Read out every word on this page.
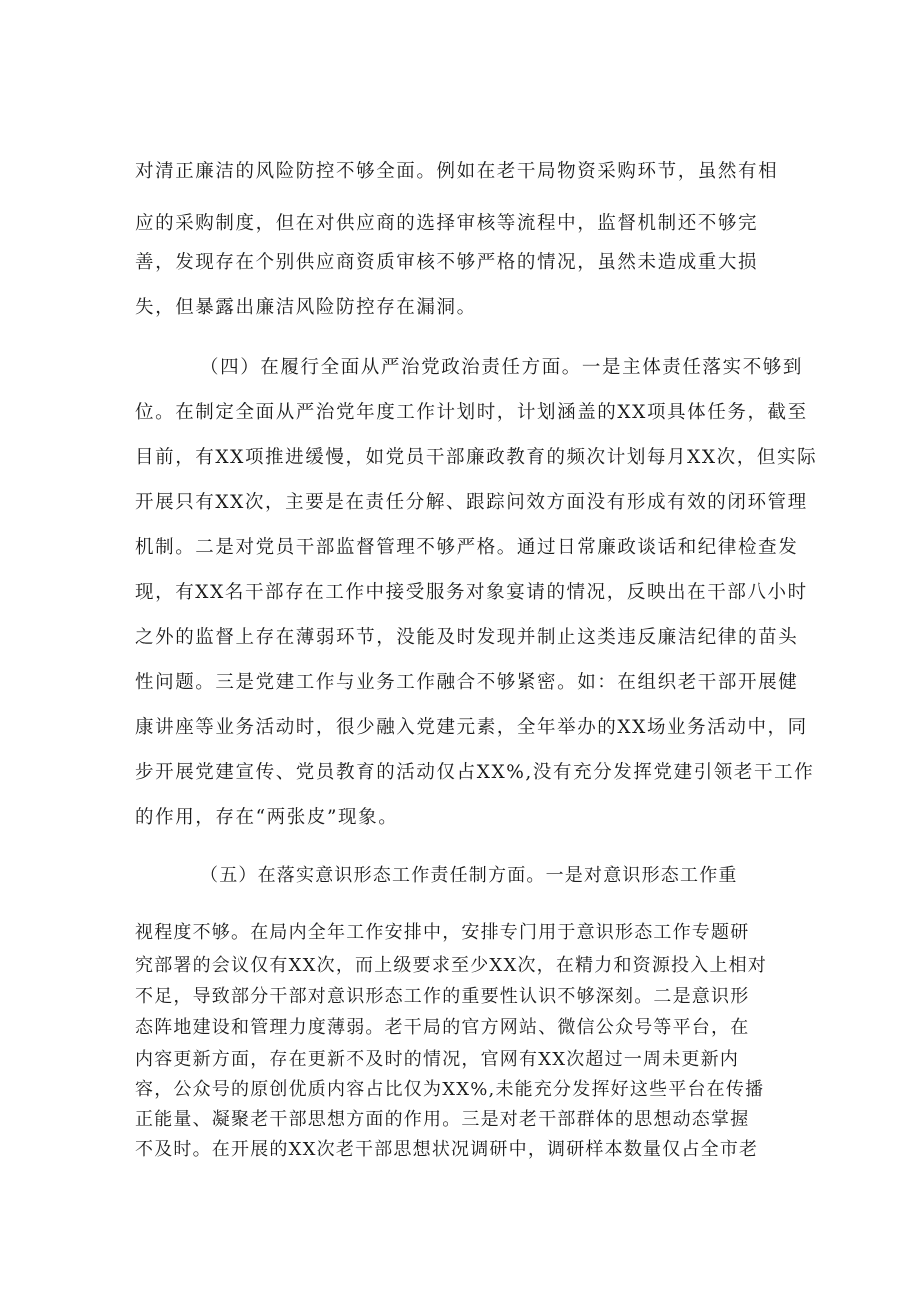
对清正廉洁的风险防控不够全面。例如在老干局物资采购环节，虽然有相
应的采购制度，但在对供应商的选择审核等流程中，监督机制还不够完
善，发现存在个别供应商资质审核不够严格的情况，虽然未造成重大损
失，但暴露出廉洁风险防控存在漏洞。
（四）在履行全面从严治党政治责任方面。一是主体责任落实不够到
位。在制定全面从严治党年度工作计划时，计划涵盖的XX项具体任务，截至
目前，有XX项推进缓慢，如党员干部廉政教育的频次计划每月XX次，但实际
开展只有XX次，主要是在责任分解、跟踪问效方面没有形成有效的闭环管理
机制。二是对党员干部监督管理不够严格。通过日常廉政谈话和纪律检查发
现，有XX名干部存在工作中接受服务对象宴请的情况，反映出在干部八小时
之外的监督上存在薄弱环节，没能及时发现并制止这类违反廉洁纪律的苗头
性问题。三是党建工作与业务工作融合不够紧密。如：在组织老干部开展健
康讲座等业务活动时，很少融入党建元素，全年举办的XX场业务活动中，同
步开展党建宣传、党员教育的活动仅占XX%,没有充分发挥党建引领老干工作
的作用，存在“两张皮”现象。
（五）在落实意识形态工作责任制方面。一是对意识形态工作重
视程度不够。在局内全年工作安排中，安排专门用于意识形态工作专题研
究部署的会议仅有XX次，而上级要求至少XX次，在精力和资源投入上相对
不足，导致部分干部对意识形态工作的重要性认识不够深刻。二是意识形
态阵地建设和管理力度薄弱。老干局的官方网站、微信公众号等平台，在
内容更新方面，存在更新不及时的情况，官网有XX次超过一周未更新内
容，公众号的原创优质内容占比仅为XX%,未能充分发挥好这些平台在传播
正能量、凝聚老干部思想方面的作用。三是对老干部群体的思想动态掌握
不及时。在开展的XX次老干部思想状况调研中，调研样本数量仅占全市老
